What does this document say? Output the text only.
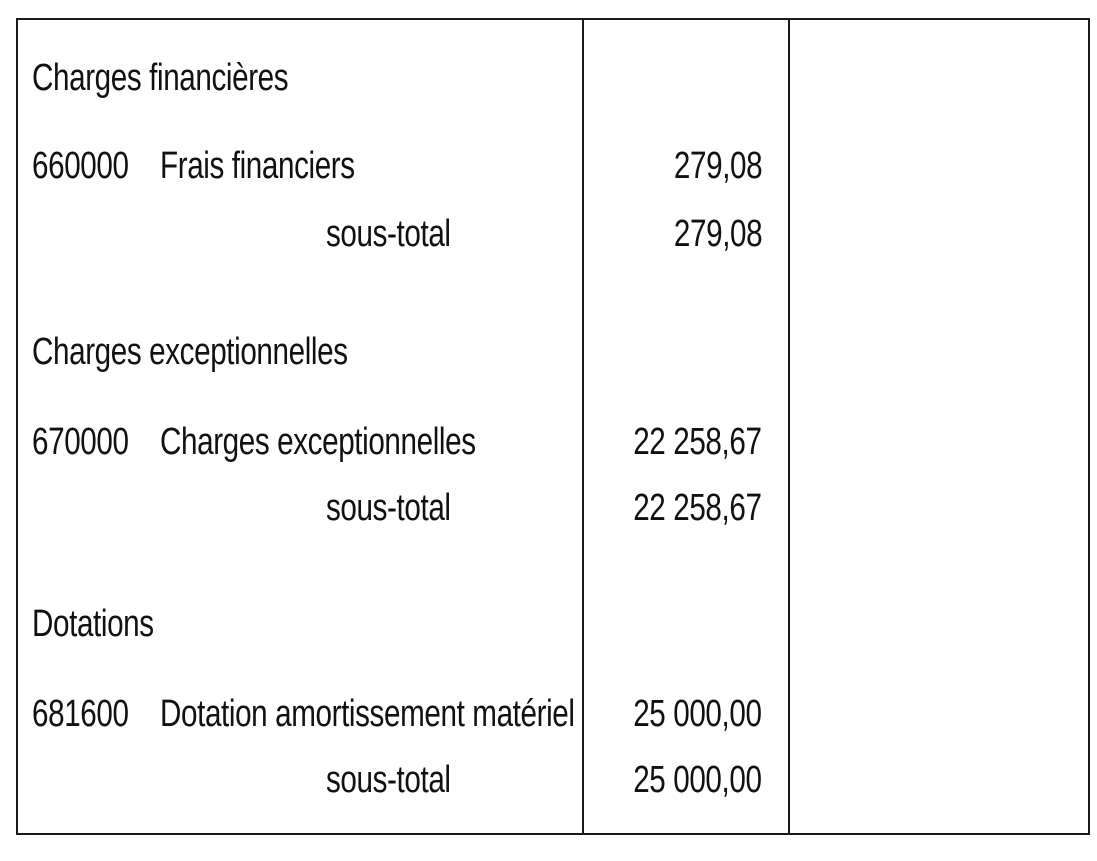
Charges financières
660000 Frais financiers	279,08
sous-total	279,08
Charges exceptionnelles
670000 Charges exceptionnelles	22 258,67
sous-total	22 258,67
Dotations
681600 Dotation amortissement matériel 25 000,00
sous-total	25 000,00
